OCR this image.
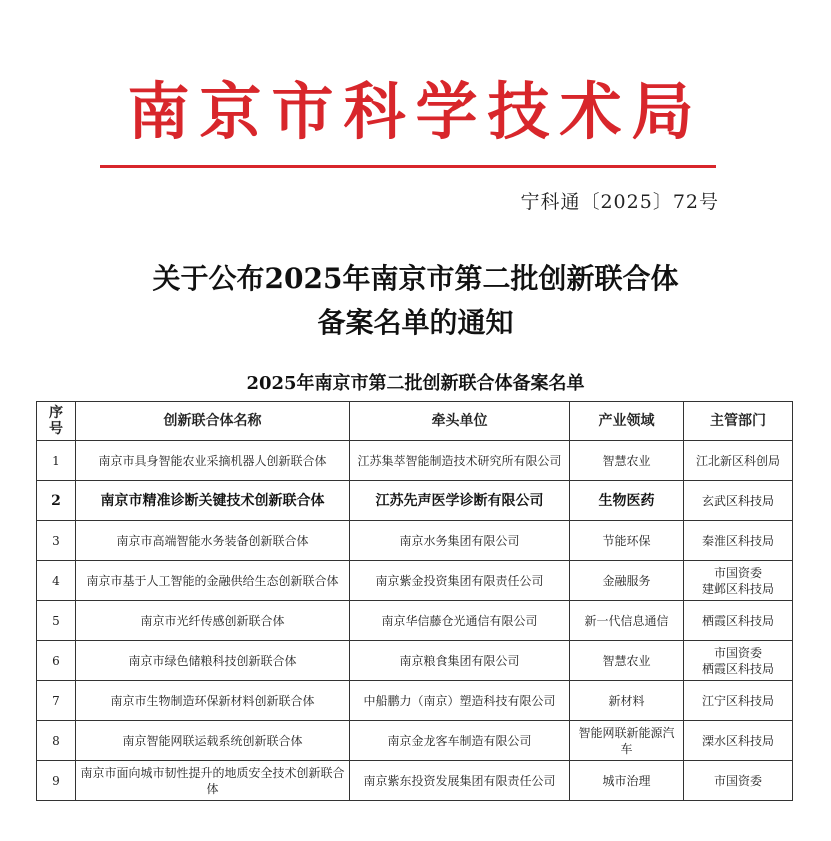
南京市科学技术局
宁科通〔2025〕72号
关于公布2025年南京市第二批创新联合体
备案名单的通知
2025年南京市第二批创新联合体备案名单
序
号	创新联合体名称	牵头单位	产业领域	主管部门
1	南京市具身智能农业采摘机器人创新联合体	江苏集萃智能制造技术研究所有限公司	智慧农业	江北新区科创局

2	南京市精准诊断关键技术创新联合体	江苏先声医学诊断有限公司	生物医药	玄武区科技局

3	南京市高端智能水务装备创新联合体	南京水务集团有限公司	节能环保	秦淮区科技局

4	南京市基于人工智能的金融供给生态创新联合体	南京紫金投资集团有限责任公司	金融服务	市国资委
建邺区科技局

5	南京市光纤传感创新联合体	南京华信藤仓光通信有限公司	新一代信息通信	栖霞区科技局

6	南京市绿色储粮科技创新联合体	南京粮食集团有限公司	智慧农业	市国资委
栖霞区科技局

7	南京市生物制造环保新材料创新联合体	中船鹏力（南京）塑造科技有限公司	新材料	江宁区科技局

8	南京智能网联运载系统创新联合体	南京金龙客车制造有限公司	智能网联新能源汽车	溧水区科技局

9	南京市面向城市韧性提升的地质安全技术创新联合体	南京紫东投资发展集团有限责任公司	城市治理	市国资委
